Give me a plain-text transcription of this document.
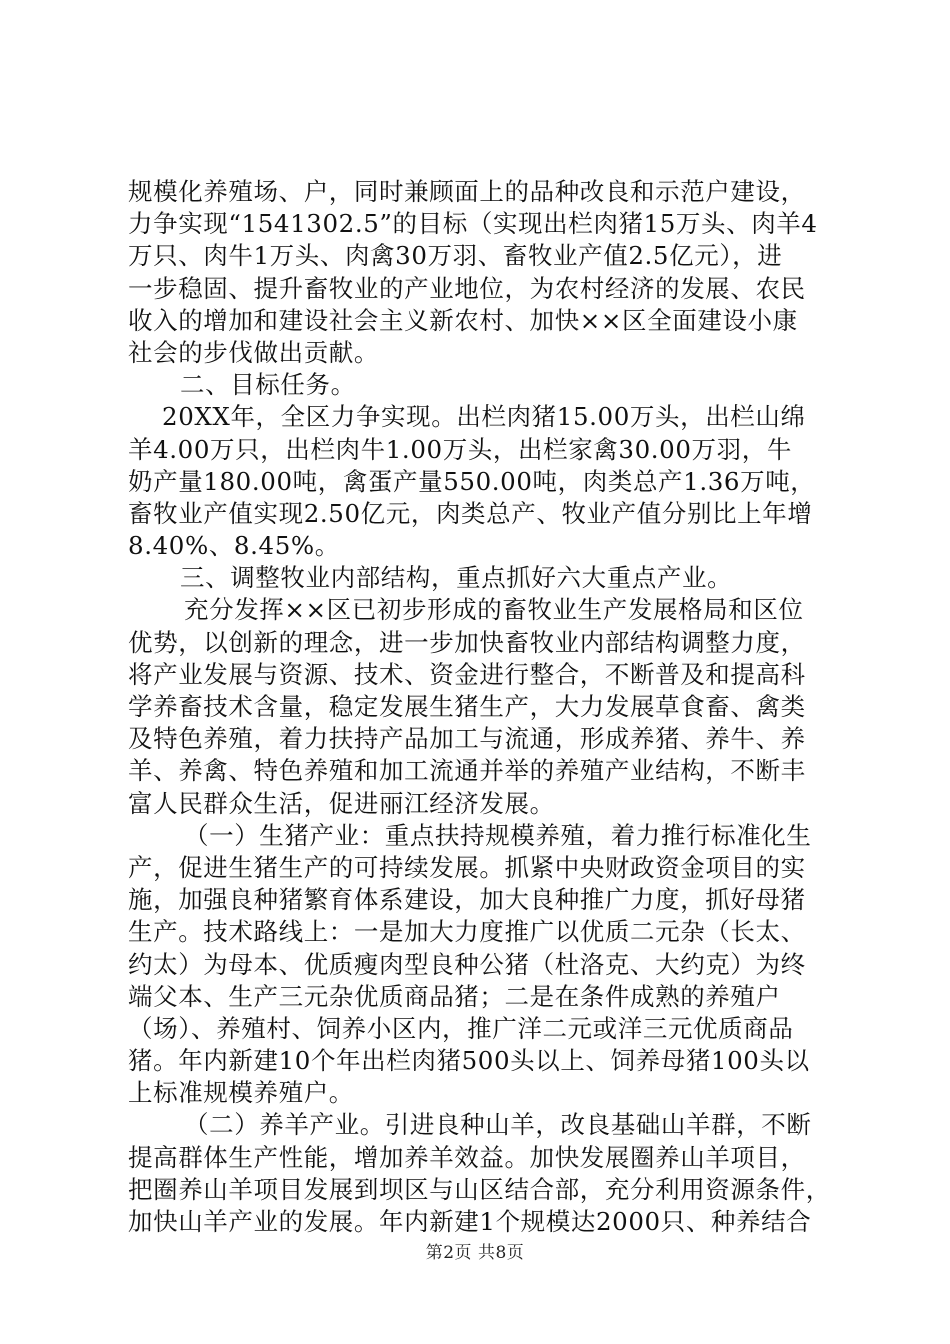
规模化养殖场、户，同时兼顾面上的品种改良和示范户建设，
力争实现“1541302.5”的目标（实现出栏肉猪15万头、肉羊4
万只、肉牛1万头、肉禽30万羽、畜牧业产值2.5亿元），进
一步稳固、提升畜牧业的产业地位，为农村经济的发展、农民
收入的增加和建设社会主义新农村、加快××区全面建设小康
社会的步伐做出贡献。
二、目标任务。
20XX年，全区力争实现。出栏肉猪15.00万头，出栏山绵
羊4.00万只，出栏肉牛1.00万头，出栏家禽30.00万羽，牛
奶产量180.00吨，禽蛋产量550.00吨，肉类总产1.36万吨，
畜牧业产值实现2.50亿元，肉类总产、牧业产值分别比上年增
8.40%、8.45%。
三、调整牧业内部结构，重点抓好六大重点产业。
充分发挥××区已初步形成的畜牧业生产发展格局和区位
优势，以创新的理念，进一步加快畜牧业内部结构调整力度，
将产业发展与资源、技术、资金进行整合，不断普及和提高科
学养畜技术含量，稳定发展生猪生产，大力发展草食畜、禽类
及特色养殖，着力扶持产品加工与流通，形成养猪、养牛、养
羊、养禽、特色养殖和加工流通并举的养殖产业结构，不断丰
富人民群众生活，促进丽江经济发展。
（一）生猪产业：重点扶持规模养殖，着力推行标准化生
产，促进生猪生产的可持续发展。抓紧中央财政资金项目的实
施，加强良种猪繁育体系建设，加大良种推广力度，抓好母猪
生产。技术路线上：一是加大力度推广以优质二元杂（长太、
约太）为母本、优质瘦肉型良种公猪（杜洛克、大约克）为终
端父本、生产三元杂优质商品猪；二是在条件成熟的养殖户
（场）、养殖村、饲养小区内，推广洋二元或洋三元优质商品
猪。年内新建10个年出栏肉猪500头以上、饲养母猪100头以
上标准规模养殖户。
（二）养羊产业。引进良种山羊，改良基础山羊群，不断
提高群体生产性能，增加养羊效益。加快发展圈养山羊项目，
把圈养山羊项目发展到坝区与山区结合部，充分利用资源条件，
加快山羊产业的发展。年内新建1个规模达2000只、种养结合
第2页 共8页
